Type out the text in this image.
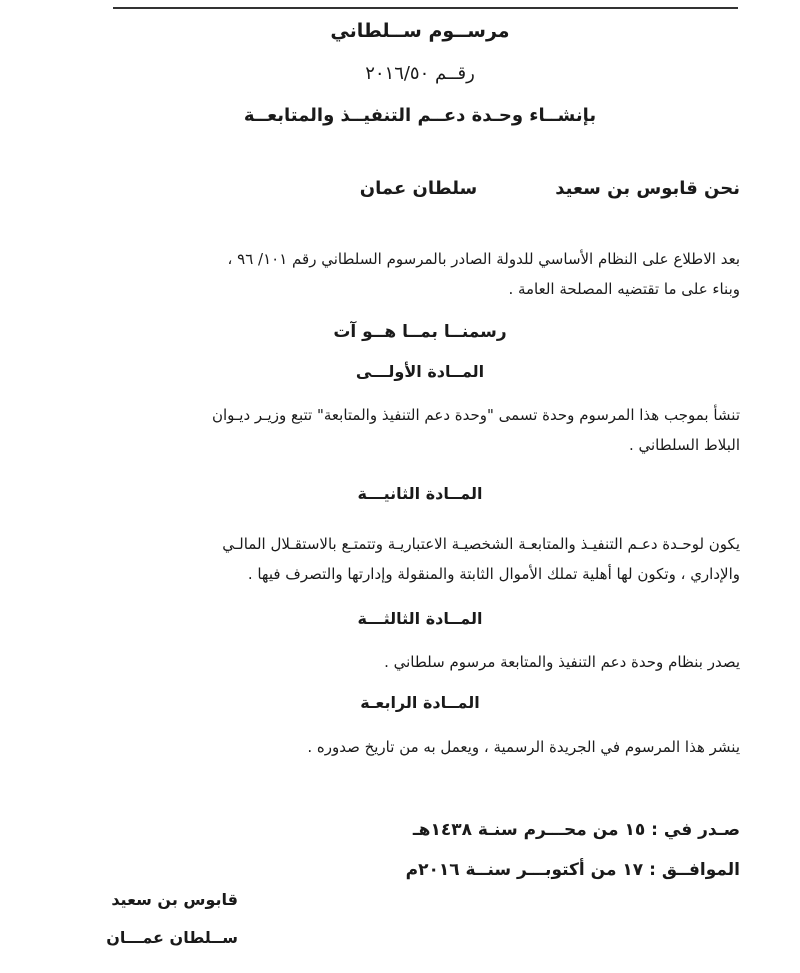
مرســوم ســلطاني
رقــم ٢٠١٦/٥٠
بإنشــاء وحـدة دعــم التنفيــذ والمتابعــة
نحن قابوس بن سعيدسلطان عمان
بعد الاطلاع على النظام الأساسي للدولة الصادر بالمرسوم السلطاني رقم ١٠١/ ٩٦ ،
وبناء على ما تقتضيه المصلحة العامة .
رسمنــا بمــا هــو آت
المــادة الأولـــى
تنشأ بموجب هذا المرسوم وحدة تسمى "وحدة دعم التنفيذ والمتابعة" تتبع وزيـر ديـوان
البلاط السلطاني .
المــادة الثانيـــة
يكون لوحـدة دعـم التنفيـذ والمتابعـة الشخصيـة الاعتباريـة وتتمتـع بالاستقـلال المالـي
والإداري ، وتكون لها أهلية تملك الأموال الثابتة والمنقولة وإدارتها والتصرف فيها .
المــادة الثالثـــة
يصدر بنظام وحدة دعم التنفيذ والمتابعة مرسوم سلطاني .
المــادة الرابعـة
ينشر هذا المرسوم في الجريدة الرسمية ، ويعمل به من تاريخ صدوره .
صـدر في : ١٥ من محـــرم سنـة ١٤٣٨هـ
الموافــق : ١٧ من أكتوبـــر سنــة ٢٠١٦م
قابوس بن سعيد
ســلطان عمـــان
